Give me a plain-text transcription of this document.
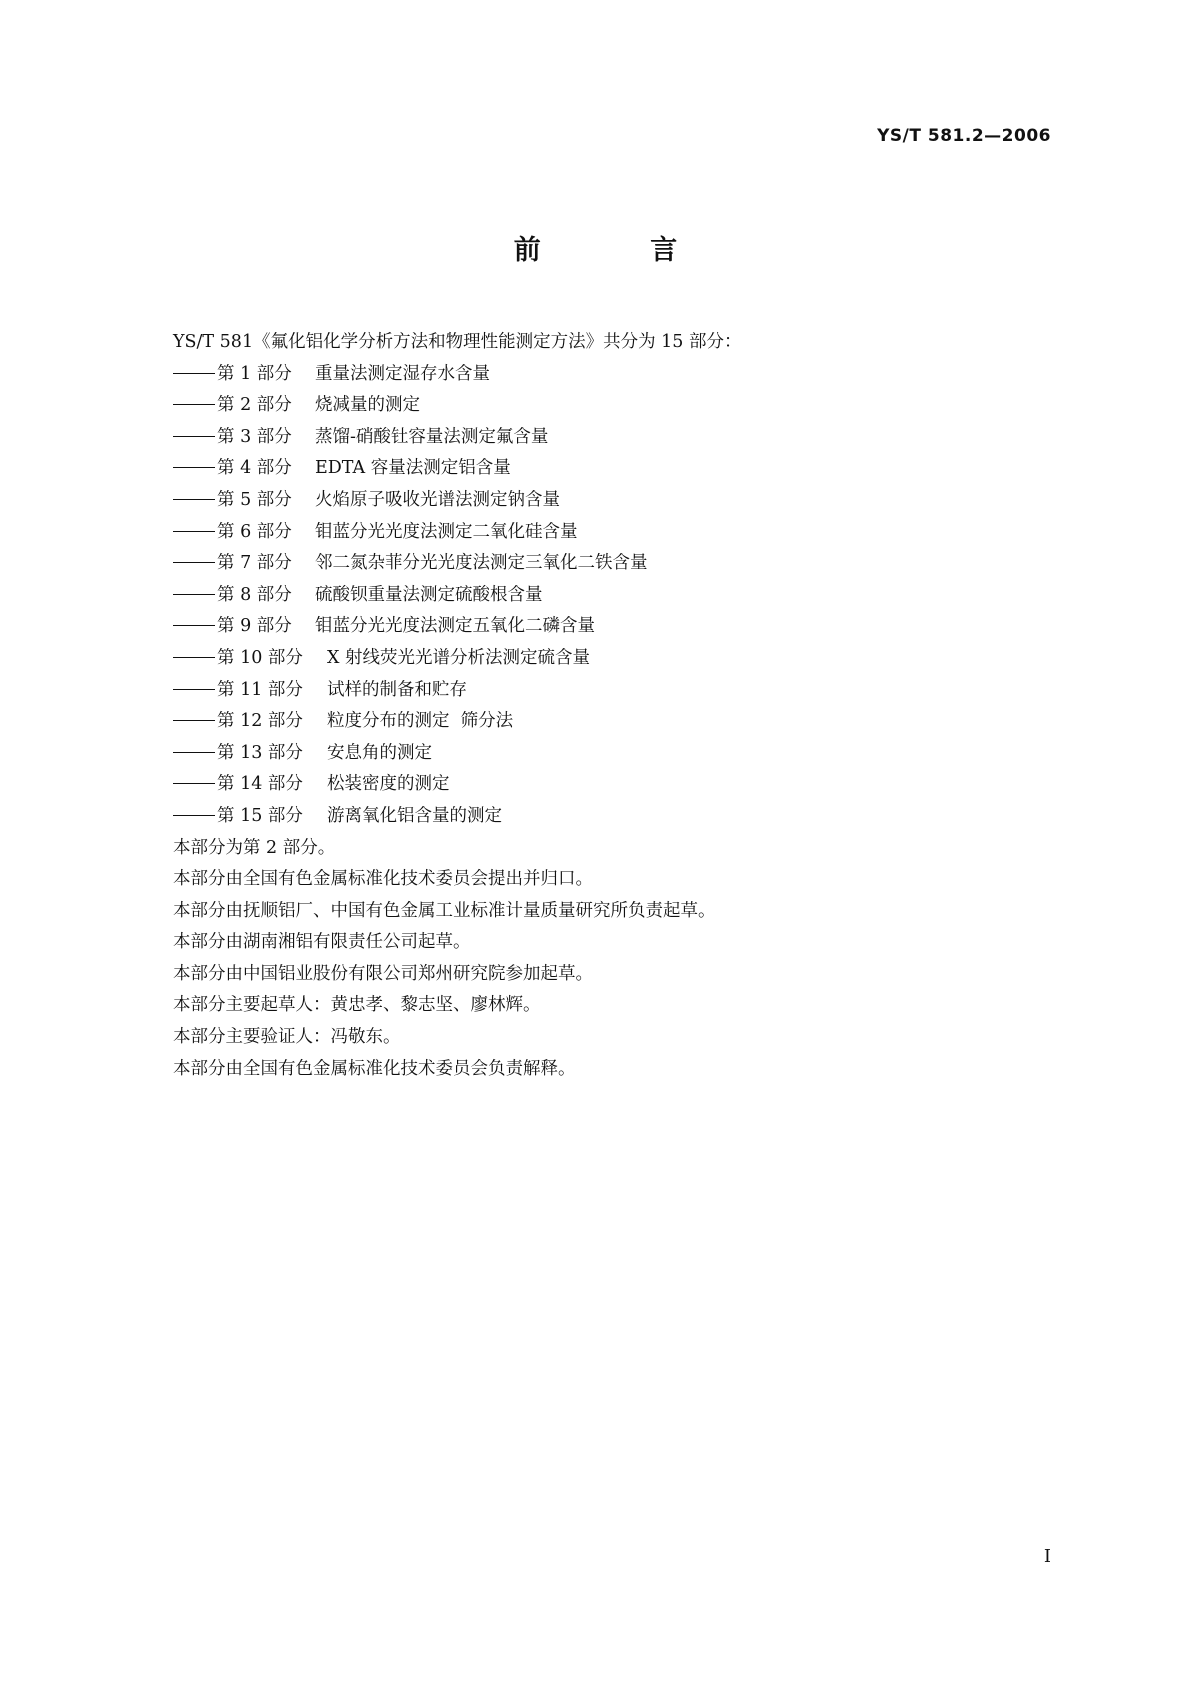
YS/T 581.2—2006
前 言
YS/T 581《氟化铝化学分析方法和物理性能测定方法》共分为 15 部分：
第 1 部分 重量法测定湿存水含量
第 2 部分 烧减量的测定
第 3 部分 蒸馏-硝酸钍容量法测定氟含量
第 4 部分 EDTA 容量法测定铝含量
第 5 部分 火焰原子吸收光谱法测定钠含量
第 6 部分 钼蓝分光光度法测定二氧化硅含量
第 7 部分 邻二氮杂菲分光光度法测定三氧化二铁含量
第 8 部分 硫酸钡重量法测定硫酸根含量
第 9 部分 钼蓝分光光度法测定五氧化二磷含量
第 10 部分 X 射线荧光光谱分析法测定硫含量
第 11 部分 试样的制备和贮存
第 12 部分 粒度分布的测定  筛分法
第 13 部分 安息角的测定
第 14 部分 松装密度的测定
第 15 部分 游离氧化铝含量的测定
本部分为第 2 部分。
本部分由全国有色金属标准化技术委员会提出并归口。
本部分由抚顺铝厂、中国有色金属工业标准计量质量研究所负责起草。
本部分由湖南湘铝有限责任公司起草。
本部分由中国铝业股份有限公司郑州研究院参加起草。
本部分主要起草人：黄忠孝、黎志坚、廖林辉。
本部分主要验证人：冯敬东。
本部分由全国有色金属标准化技术委员会负责解释。
I
